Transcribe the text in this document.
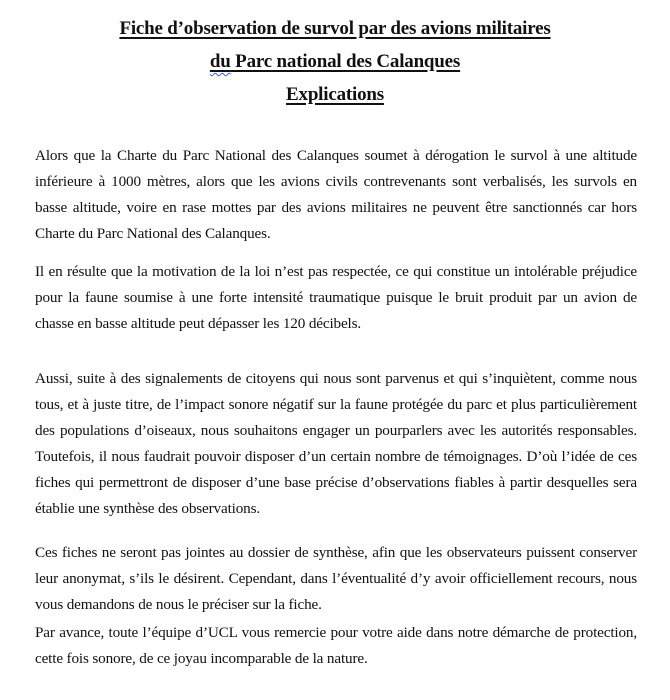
Fiche d’observation de survol par des avions militaires
du Parc national des Calanques
Explications

Alors que la Charte du Parc National des Calanques soumet à dérogation le survol à une altitude inférieure à 1000 mètres, alors que les avions civils contrevenants sont verbalisés, les survols en basse altitude, voire en rase mottes par des avions militaires ne peuvent être sanctionnés car hors Charte du Parc National des Calanques.

Il en résulte que la motivation de la loi n’est pas respectée, ce qui constitue un intolérable préjudice pour la faune soumise à une forte intensité traumatique puisque le bruit produit par un avion de chasse en basse altitude peut dépasser les 120 décibels.

Aussi, suite à des signalements de citoyens qui nous sont parvenus et qui s’inquiètent, comme nous tous, et à juste titre, de l’impact sonore négatif sur la faune protégée du parc et plus particulièrement des populations d’oiseaux, nous souhaitons engager un pourparlers avec les autorités responsables. Toutefois, il nous faudrait pouvoir disposer d’un certain nombre de témoignages. D’où l’idée de ces fiches qui permettront de disposer d’une base précise d’observations fiables à partir desquelles sera établie une synthèse des observations.

Ces fiches ne seront pas jointes au dossier de synthèse, afin que les observateurs puissent conserver leur anonymat, s’ils le désirent. Cependant, dans l’éventualité d’y avoir officiellement recours, nous vous demandons de nous le préciser sur la fiche.

Par avance, toute l’équipe d’UCL vous remercie pour votre aide dans notre démarche de protection, cette fois sonore, de ce joyau incomparable de la nature.
